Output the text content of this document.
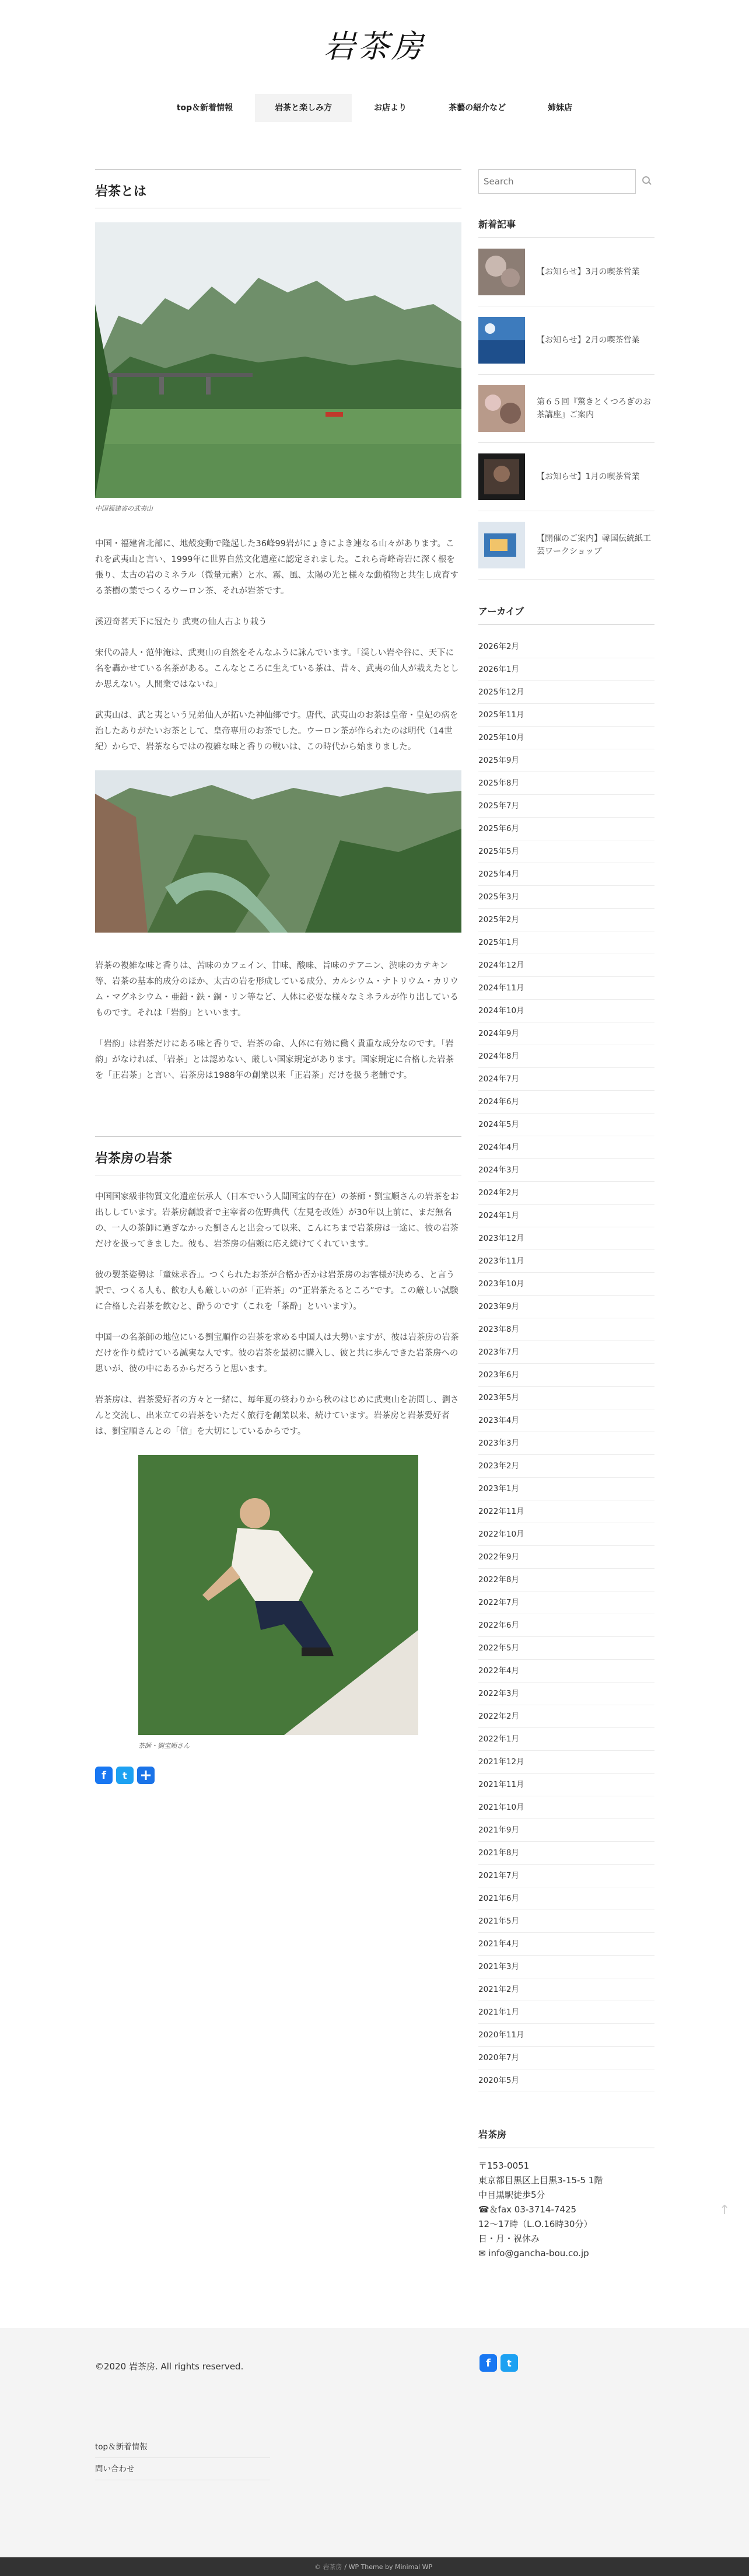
岩茶房
top＆新着情報	岩茶と楽しみ方	お店より	茶藝の紹介など	姉妹店
岩茶とは
中国福建省の武夷山

中国・福建省北部に、地殻変動で隆起した36峰99岩がにょきによき連なる山々があります。これを武夷山と言い、1999年に世界自然文化遺産に認定されました。これら奇峰奇岩に深く根を張り、太古の岩のミネラル（微量元素）と水、霧、風、太陽の光と様々な動植物と共生し成育する茶樹の葉でつくるウーロン茶、それが岩茶です。

溪辺奇茗天下に冠たり 武夷の仙人古より栽う

宋代の詩人・范仲淹は、武夷山の自然をそんなふうに詠んでいます。「渓しい岩や谷に、天下に名を轟かせている名茶がある。こんなところに生えている茶は、昔々、武夷の仙人が栽えたとしか思えない。人間業ではないね」

武夷山は、武と夷という兄弟仙人が拓いた神仙郷です。唐代、武夷山のお茶は皇帝・皇妃の病を治したありがたいお茶として、皇帝専用のお茶でした。ウーロン茶が作られたのは明代（14世紀）からで、岩茶ならではの複雑な味と香りの戦いは、この時代から始まりました。

岩茶の複雑な味と香りは、苦味のカフェイン、甘味、酸味、旨味のテアニン、渋味のカテキン等、岩茶の基本的成分のほか、太古の岩を形成している成分、カルシウム・ナトリウム・カリウム・マグネシウム・亜鉛・鉄・銅・リン等など、人体に必要な様々なミネラルが作り出しているものです。それは「岩韵」といいます。

「岩韵」は岩茶だけにある味と香りで、岩茶の命、人体に有効に働く貴重な成分なのです。「岩韵」がなければ、「岩茶」とは認めない、厳しい国家規定があります。国家規定に合格した岩茶を「正岩茶」と言い、岩茶房は1988年の創業以来「正岩茶」だけを扱う老舗です。

岩茶房の岩茶

中国国家級非物質文化遺産伝承人（日本でいう人間国宝的存在）の茶師・劉宝順さんの岩茶をお出ししています。岩茶房創設者で主宰者の佐野典代（左見を改姓）が30年以上前に、まだ無名の、一人の茶師に過ぎなかった劉さんと出会って以来、こんにちまで岩茶房は一途に、彼の岩茶だけを扱ってきました。彼も、岩茶房の信頼に応え続けてくれています。

彼の製茶姿勢は「童妹求香」。つくられたお茶が合格か否かは岩茶房のお客様が決める、と言う訳で、つくる人も、飲む人も厳しいのが「正岩茶」の“正岩茶たるところ”です。この厳しい試験に合格した岩茶を飲むと、酔うのです（これを「茶酔」といいます）。

中国一の名茶師の地位にいる劉宝順作の岩茶を求める中国人は大勢いますが、彼は岩茶房の岩茶だけを作り続けている誠実な人です。彼の岩茶を最初に購入し、彼と共に歩んできた岩茶房への思いが、彼の中にあるからだろうと思います。

岩茶房は、岩茶愛好者の方々と一緒に、毎年夏の終わりから秋のはじめに武夷山を訪問し、劉さんと交流し、出来立ての岩茶をいただく旅行を創業以来、続けています。岩茶房と岩茶愛好者は、劉宝順さんとの「信」を大切にしているからです。

茶師・劉宝順さん
f	t +
Search
新着記事
【お知らせ】3月の喫茶営業
【お知らせ】2月の喫茶営業
第６５回『驚きとくつろぎのお茶講座』ご案内
【お知らせ】1月の喫茶営業
【開催のご案内】韓国伝統紙工芸ワークショップ
アーカイブ
2026年2月
2026年1月
2025年12月
2025年11月
2025年10月
2025年9月
2025年8月
2025年7月
2025年6月
2025年5月
2025年4月
2025年3月
2025年2月
2025年1月
2024年12月
2024年11月
2024年10月
2024年9月
2024年8月
2024年7月
2024年6月
2024年5月
2024年4月
2024年3月
2024年2月
2024年1月
2023年12月
2023年11月
2023年10月
2023年9月
2023年8月
2023年7月
2023年6月
2023年5月
2023年4月
2023年3月
2023年2月
2023年1月
2022年11月
2022年10月
2022年9月
2022年8月
2022年7月
2022年6月
2022年5月
2022年4月
2022年3月
2022年2月
2022年1月
2021年12月
2021年11月
2021年10月
2021年9月
2021年8月
2021年7月
2021年6月
2021年5月
2021年4月
2021年3月
2021年2月
2021年1月
2020年11月
2020年7月
2020年5月
岩茶房

〒153-0051

東京都目黒区上目黒3-15-5 1階

中目黒駅徒歩5分

☎＆fax 03-3714-7425

12〜17時（L.O.16時30分）

日・月・祝休み

✉ info@gancha-bou.co.jp

↑
©2020 岩茶房. All rights reserved.	f	t
top＆新着情報
問い合わせ
© 岩茶房 / WP Theme by Minimal WP
